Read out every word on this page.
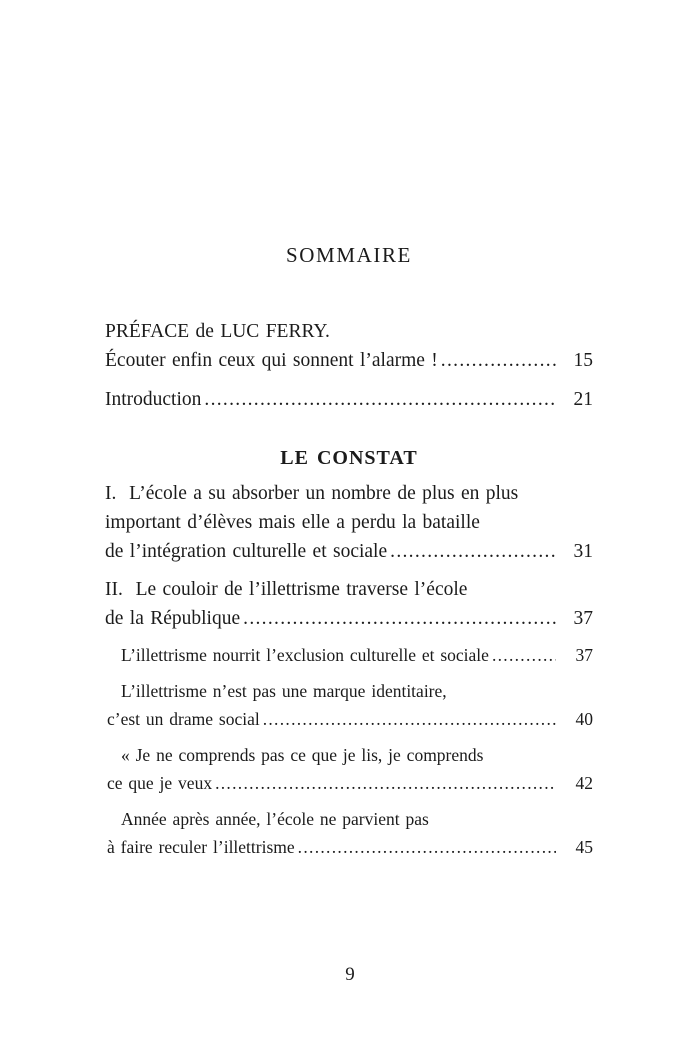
SOMMAIRE
PRÉFACE de LUC FERRY.
Écouter enfin ceux qui sonnent l’alarme ! .....	15
Introduction .....	21
LE CONSTAT
I.  L’école a su absorber un nombre de plus en plus
important d’élèves mais elle a perdu la bataille
de l’intégration culturelle et sociale .....	31
II.  Le couloir de l’illettrisme traverse l’école
de la République .....	37
L’illettrisme nourrit l’exclusion culturelle et sociale .....	37
L’illettrisme n’est pas une marque identitaire,
c’est un drame social .....	40
« Je ne comprends pas ce que je lis, je comprends
ce que je veux .....	42
Année après année, l’école ne parvient pas
à faire reculer l’illettrisme .....	45
9
